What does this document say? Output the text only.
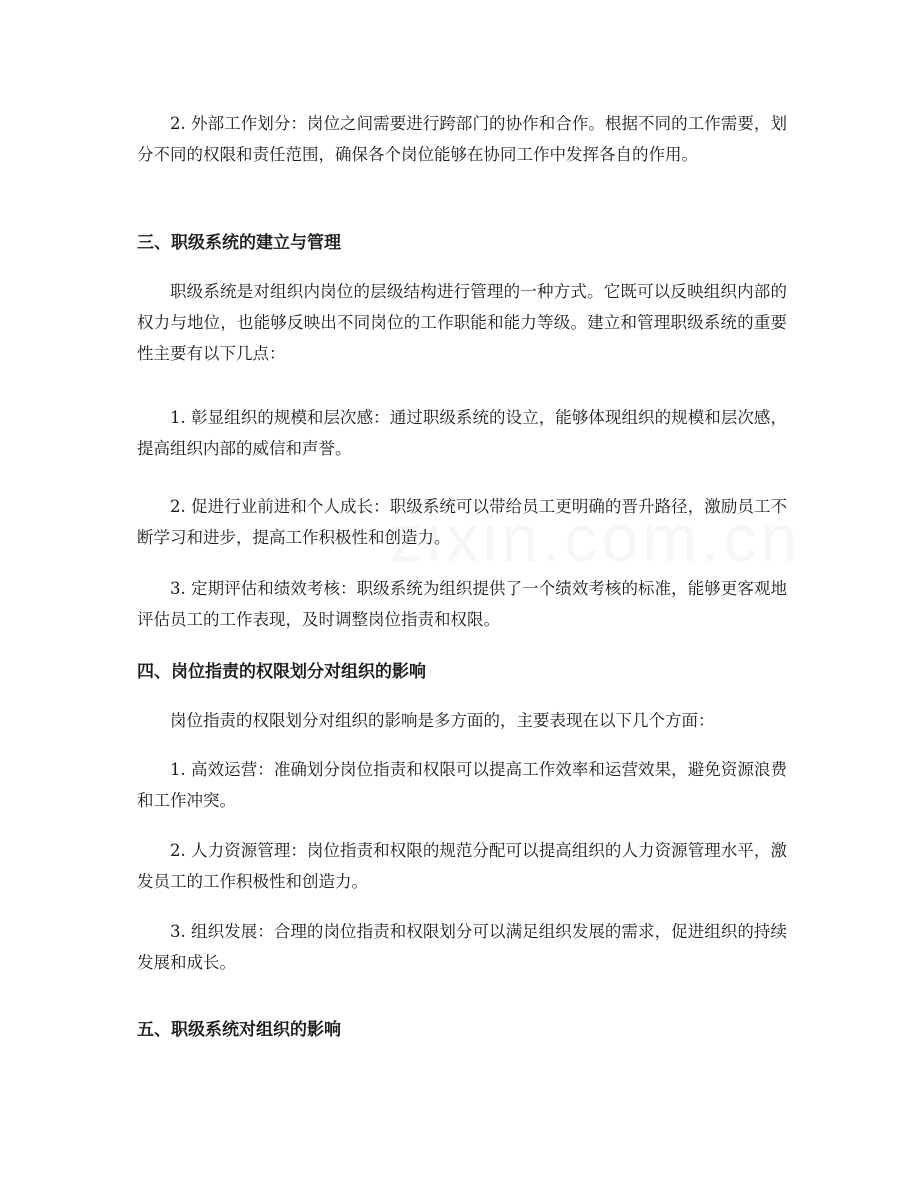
2. 外部工作划分：岗位之间需要进行跨部门的协作和合作。根据不同的工作需要，划分不同的权限和责任范围，确保各个岗位能够在协同工作中发挥各自的作用。

三、职级系统的建立与管理

职级系统是对组织内岗位的层级结构进行管理的一种方式。它既可以反映组织内部的权力与地位，也能够反映出不同岗位的工作职能和能力等级。建立和管理职级系统的重要性主要有以下几点：

1. 彰显组织的规模和层次感：通过职级系统的设立，能够体现组织的规模和层次感，提高组织内部的威信和声誉。

2. 促进行业前进和个人成长：职级系统可以带给员工更明确的晋升路径，激励员工不断学习和进步，提高工作积极性和创造力。

3. 定期评估和绩效考核：职级系统为组织提供了一个绩效考核的标准，能够更客观地评估员工的工作表现，及时调整岗位指责和权限。

四、岗位指责的权限划分对组织的影响

岗位指责的权限划分对组织的影响是多方面的，主要表现在以下几个方面：

1. 高效运营：准确划分岗位指责和权限可以提高工作效率和运营效果，避免资源浪费和工作冲突。

2. 人力资源管理：岗位指责和权限的规范分配可以提高组织的人力资源管理水平，激发员工的工作积极性和创造力。

3. 组织发展：合理的岗位指责和权限划分可以满足组织发展的需求，促进组织的持续发展和成长。

五、职级系统对组织的影响
